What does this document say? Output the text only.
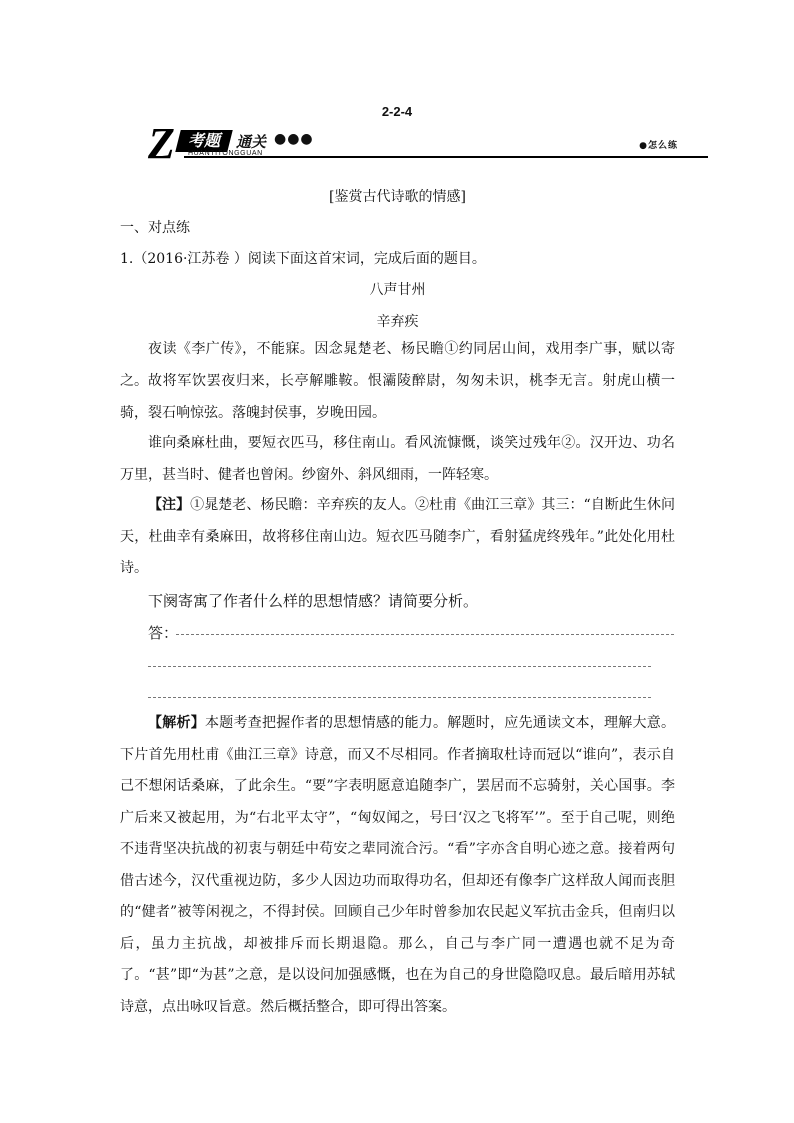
2-2-4
Z 考题	通关 ●●●
HUANTITONGGUAN
●怎么练
[鉴赏古代诗歌的情感]
一、对点练
1.（2016·江苏卷 ）阅读下面这首宋词，完成后面的题目。
八声甘州
辛弃疾

夜读《李广传》，不能寐。因念晁楚老、杨民瞻①约同居山间，戏用李广事，赋以寄之。 故将军饮罢夜归来，长亭解雕鞍。恨灞陵醉尉，匆匆未识，桃李无言。射虎山横一骑，裂石响惊弦。落魄封侯事，岁晚田园。

谁向桑麻杜曲，要短衣匹马，移住南山。看风流慷慨，谈笑过残年②。汉开边、功名万里，甚当时、健者也曾闲。纱窗外、斜风细雨，一阵轻寒。

【注】①晁楚老、杨民瞻：辛弃疾的友人。②杜甫《曲江三章》其三：“自断此生休问天，杜曲幸有桑麻田，故将移住南山边。短衣匹马随李广，看射猛虎终残年。”此处化用杜诗。

下阕寄寓了作者什么样的思想情感？请简要分析。
答：

【解析】本题考查把握作者的思想情感的能力。解题时，应先通读文本，理解大意。下片首先用杜甫《曲江三章》诗意，而又不尽相同。作者摘取杜诗而冠以“谁向”，表示自己不想闲话桑麻，了此余生。“要”字表明愿意追随李广，罢居而不忘骑射，关心国事。李广后来又被起用，为“右北平太守”，“匈奴闻之，号曰‘汉之飞将军’”。至于自己呢，则绝不违背坚决抗战的初衷与朝廷中苟安之辈同流合污。“看”字亦含自明心迹之意。接着两句借古述今，汉代重视边防，多少人因边功而取得功名，但却还有像李广这样敌人闻而丧胆的“健者”被等闲视之，不得封侯。回顾自己少年时曾参加农民起义军抗击金兵，但南归以后，虽力主抗战，却被排斥而长期退隐。那么，自己与李广同一遭遇也就不足为奇了。“甚”即“为甚”之意，是以设问加强感慨，也在为自己的身世隐隐叹息。最后暗用苏轼诗意，点出咏叹旨意。然后概括整合，即可得出答案。
